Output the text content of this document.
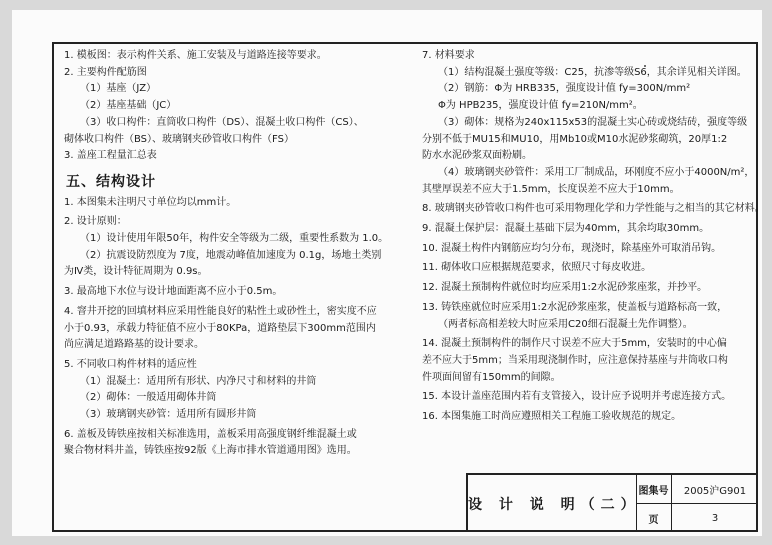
1. 模板图：表示构件关系、施工安装及与道路连接等要求。
2. 主要构件配筋图
（1）基座（JZ）
（2）基座基础（JC）
（3）收口构件：直筒收口构件（DS）、混凝土收口构件（CS）、
砌体收口构件（BS）、玻璃钢夹砂管收口构件（FS）
3. 盖座工程量汇总表
五、结构设计
1. 本图集未注明尺寸单位均以mm计。
2. 设计原则：
（1）设计使用年限50年，构件安全等级为二级，重要性系数为 1.0。
（2）抗震设防烈度为 7度，地震动峰值加速度为 0.1g，场地土类别
为Ⅳ类，设计特征周期为 0.9s。
3. 最高地下水位与设计地面距离不应小于0.5m。
4. 窨井开挖的回填材料应采用性能良好的粘性土或砂性土，密实度不应
小于0.93，承载力特征值不应小于80KPa，道路垫层下300mm范围内
尚应满足道路路基的设计要求。
5. 不同收口构件材料的适应性
（1）混凝土：适用所有形状、内净尺寸和材料的井筒
（2）砌体：一般适用砌体井筒
（3）玻璃钢夹砂管：适用所有圆形井筒
6. 盖板及铸铁座按相关标准选用，盖板采用高强度钢纤维混凝土或
聚合物材料井盖，铸铁座按92版《上海市排水管道通用图》选用。
7. 材料要求
（1）结构混凝土强度等级：C25，抗渗等级S6，其余详见相关详图。
（2）钢筋：Φ为 HRB335，强度设计值 fy=300N/mm²
Φ为 HPB235，强度设计值 fy=210N/mm²。
（3）砌体：规格为240x115x53的混凝土实心砖或烧结砖，强度等级
分别不低于MU15和MU10，用Mb10或M10水泥砂浆砌筑，20厚1:2
防水水泥砂浆双面粉刷。
（4）玻璃钢夹砂管件：采用工厂制成品，环刚度不应小于4000N/m²，
其壁厚误差不应大于1.5mm，长度误差不应大于10mm。
8. 玻璃钢夹砂管收口构件也可采用物理化学和力学性能与之相当的其它材料。
9. 混凝土保护层：混凝土基础下层为40mm，其余均取30mm。
10. 混凝土构件内钢筋应均匀分布，现浇时，除基座外可取消吊钩。
11. 砌体收口应根据规范要求，依照尺寸每皮收进。
12. 混凝土预制构件就位时均应采用1:2水泥砂浆座浆，并抄平。
13. 铸铁座就位时应采用1:2水泥砂浆座浆，使盖板与道路标高一致，
（两者标高相差较大时应采用C20细石混凝土先作调整）。
14. 混凝土预制构件的制作尺寸误差不应大于5mm，安装时的中心偏
差不应大于5mm；当采用现浇制作时，应注意保持基座与井筒收口构
件项面间留有150mm的间隙。
15. 本设计盖座范围内若有支管接入，设计应予说明并考虑连接方式。
16. 本图集施工时尚应遵照相关工程施工验收规范的规定。
设 计 说 明（二）
图集号	2005沪G901
页	3
